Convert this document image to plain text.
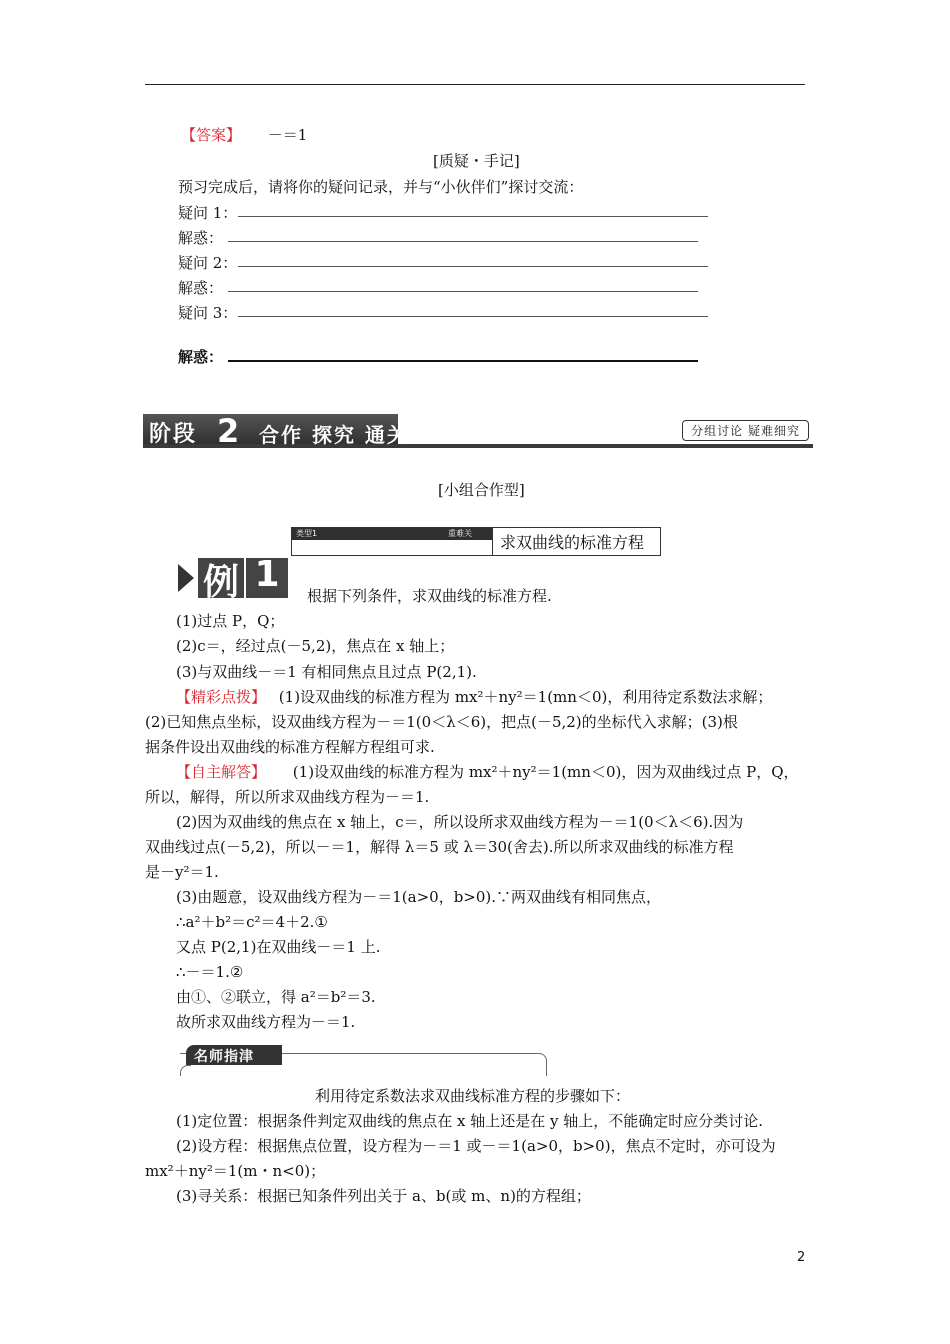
【答案】 －＝1
[质疑・手记]
预习完成后，请将你的疑问记录，并与“小伙伴们”探讨交流：
疑问 1：
解惑：
疑问 2：
解惑：
疑问 3：
解惑：
阶段 2 合作 探究 通关	分组讨论 疑难细究
[小组合作型]
类型1	重难关 求双曲线的标准方程
例 1
根据下列条件，求双曲线的标准方程.
(1)过点 P，Q；
(2)c＝，经过点(－5,2)，焦点在 x 轴上；
(3)与双曲线－＝1 有相同焦点且过点 P(2,1).
【精彩点拨】 (1)设双曲线的标准方程为 mx²＋ny²＝1(mn＜0)，利用待定系数法求解；
(2)已知焦点坐标，设双曲线方程为－＝1(0＜λ＜6)，把点(－5,2)的坐标代入求解；(3)根
据条件设出双曲线的标准方程解方程组可求.
【自主解答】 (1)设双曲线的标准方程为 mx²＋ny²＝1(mn＜0)，因为双曲线过点 P，Q，
所以，解得，所以所求双曲线方程为－＝1.
(2)因为双曲线的焦点在 x 轴上，c＝，所以设所求双曲线方程为－＝1(0＜λ＜6).因为
双曲线过点(－5,2)，所以－＝1，解得 λ＝5 或 λ＝30(舍去).所以所求双曲线的标准方程
是－y²＝1.
(3)由题意，设双曲线方程为－＝1(a>0，b>0).∵两双曲线有相同焦点，
∴a²＋b²＝c²＝4＋2.①
又点 P(2,1)在双曲线－＝1 上.
∴－＝1.②
由①、②联立，得 a²＝b²＝3.
故所求双曲线方程为－＝1.
名师指津
利用待定系数法求双曲线标准方程的步骤如下：
(1)定位置：根据条件判定双曲线的焦点在 x 轴上还是在 y 轴上，不能确定时应分类讨论.
(2)设方程：根据焦点位置，设方程为－＝1 或－＝1(a>0，b>0)，焦点不定时，亦可设为
mx²＋ny²＝1(m・n<0)；
(3)寻关系：根据已知条件列出关于 a、b(或 m、n)的方程组；
2
